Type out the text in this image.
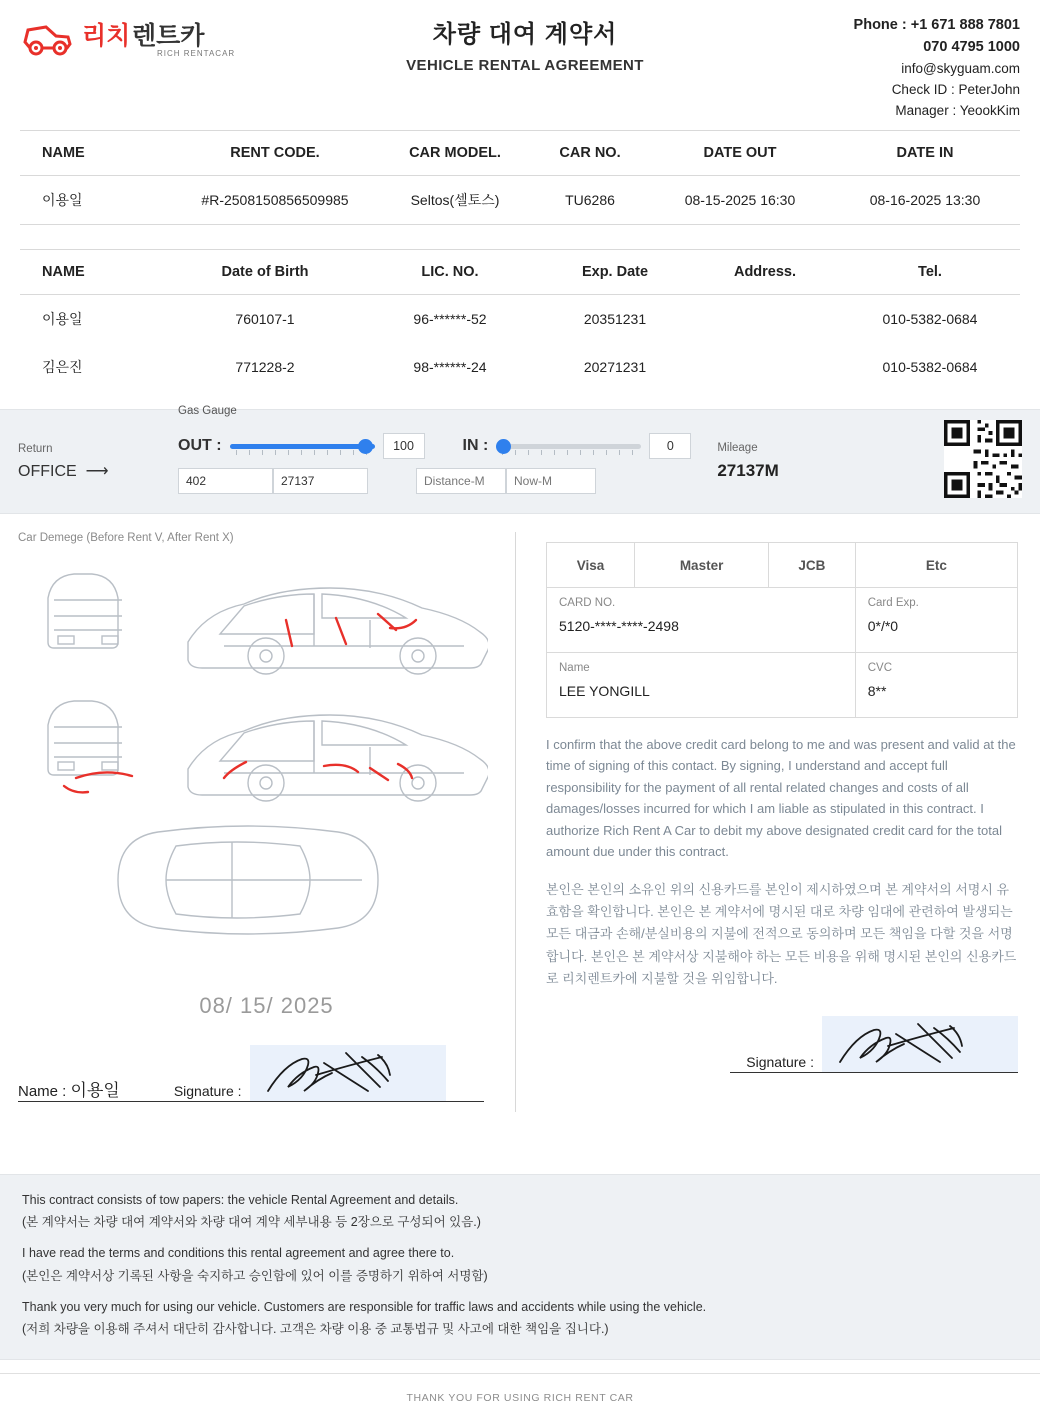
리치 렌트카
RICH RENTACAR
차량 대여 계약서
VEHICLE RENTAL AGREEMENT
Phone : +1 671 888 7801
070 4795 1000
info@skyguam.com
Check ID : PeterJohn
Manager : YeookKim
NAME	RENT CODE.	CAR MODEL.	CAR NO.	DATE OUT	DATE IN
이용일	#R-2508150856509985	Seltos(셀토스)	TU6286	08-15-2025 16:30	08-16-2025 13:30
NAME	Date of Birth	LIC. NO.	Exp. Date	Address.	Tel.
이용일	760107-1	96-******-52	20351231		010-5382-0684
김은진	771228-2	98-******-24	20271231		010-5382-0684
Return
OFFICE  ⟶
Gas Gauge
OUT :	100	IN :	0
402	27137	Distance-M	Now-M
Mileage
27137M
Car Demege (Before Rent V, After Rent X)
08/ 15/ 2025
Name : 이용일	Signature :
Visa	Master	JCB	Etc

CARD NO.
5120-****-****-2498

Card Exp.
0*/*0

Name
LEE YONGILL

CVC
8**

I confirm that the above credit card belong to me and was present and valid at the time of signing of this contact. By signing, I understand and accept full responsibility for the payment of all rental related changes and costs of all damages/losses incurred for which I am liable as stipulated in this contract. I authorize Rich Rent A Car to debit my above designated credit card for the total amount due under this contract.

본인은 본인의 소유인 위의 신용카드를 본인이 제시하였으며 본 계약서의 서명시 유효함을 확인합니다. 본인은 본 계약서에 명시된 대로 차량 임대에 관련하여 발생되는 모든 대금과 손해/분실비용의 지불에 전적으로 동의하며 모든 책임을 다할 것을 서명합니다. 본인은 본 계약서상 지불해야 하는 모든 비용을 위해 명시된 본인의 신용카드로 리치렌트카에 지불할 것을 위임합니다.

Signature :

This contract consists of tow papers: the vehicle Rental Agreement and details.

(본 계약서는 차량 대여 계약서와 차량 대여 계약 세부내용 등 2장으로 구성되어 있음.)

I have read the terms and conditions this rental agreement and agree there to.

(본인은 계약서상 기록된 사항을 숙지하고 승인함에 있어 이를 증명하기 위하여 서명함)

Thank you very much for using our vehicle. Customers are responsible for traffic laws and accidents while using the vehicle.

(저희 차량을 이용해 주셔서 대단히 감사합니다. 고객은 차량 이용 중 교통법규 및 사고에 대한 책임을 집니다.)

THANK YOU FOR USING RICH RENT CAR
